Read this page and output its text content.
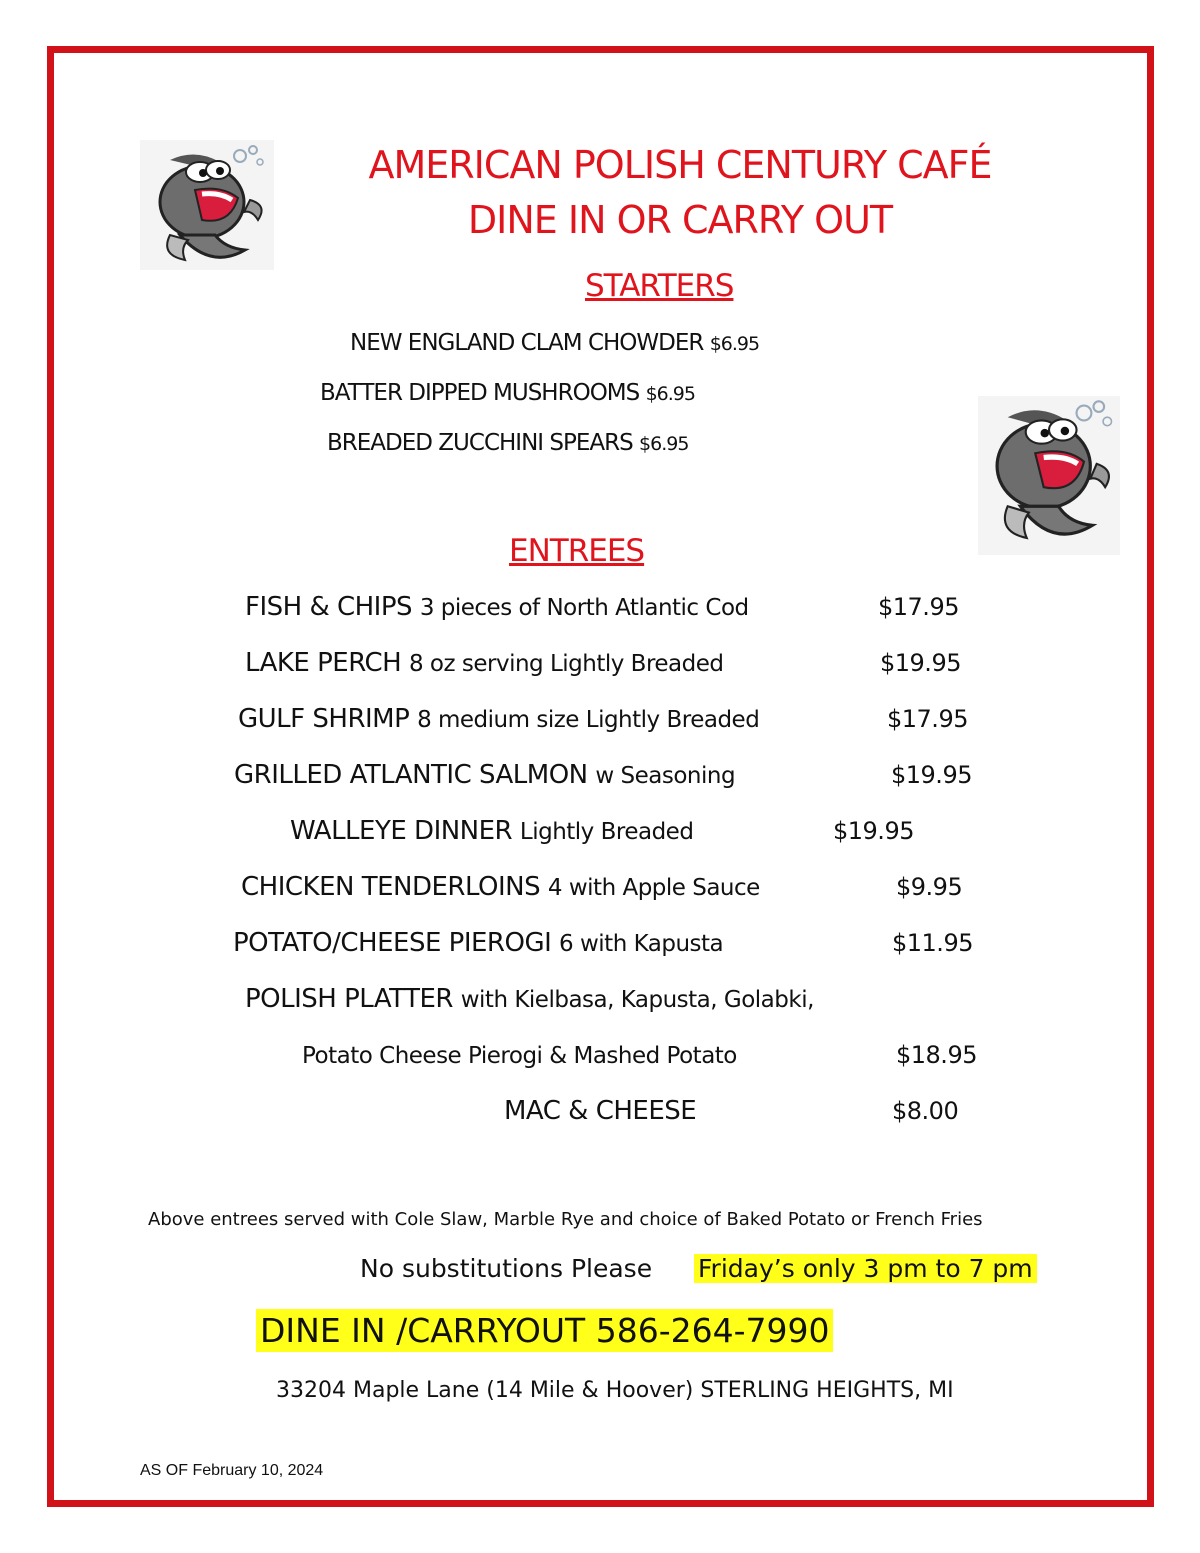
AMERICAN POLISH CENTURY CAFÉ
DINE IN OR CARRY OUT
STARTERS
NEW ENGLAND CLAM CHOWDER $6.95
BATTER DIPPED MUSHROOMS $6.95
BREADED ZUCCHINI SPEARS $6.95
ENTREES
FISH & CHIPS 3 pieces of North Atlantic Cod	$17.95
LAKE PERCH 8 oz serving Lightly Breaded	$19.95
GULF SHRIMP 8 medium size Lightly Breaded	$17.95
GRILLED ATLANTIC SALMON w Seasoning	$19.95
WALLEYE DINNER Lightly Breaded	$19.95
CHICKEN TENDERLOINS 4 with Apple Sauce	$9.95
POTATO/CHEESE PIEROGI 6 with Kapusta	$11.95
POLISH PLATTER with Kielbasa, Kapusta, Golabki,
Potato Cheese Pierogi & Mashed Potato	$18.95
MAC & CHEESE	$8.00
Above entrees served with Cole Slaw, Marble Rye and choice of Baked Potato or French Fries
No substitutions Please Friday’s only 3 pm to 7 pm
DINE IN /CARRYOUT 586-264-7990
33204 Maple Lane (14 Mile & Hoover) STERLING HEIGHTS, MI
AS OF February 10, 2024
